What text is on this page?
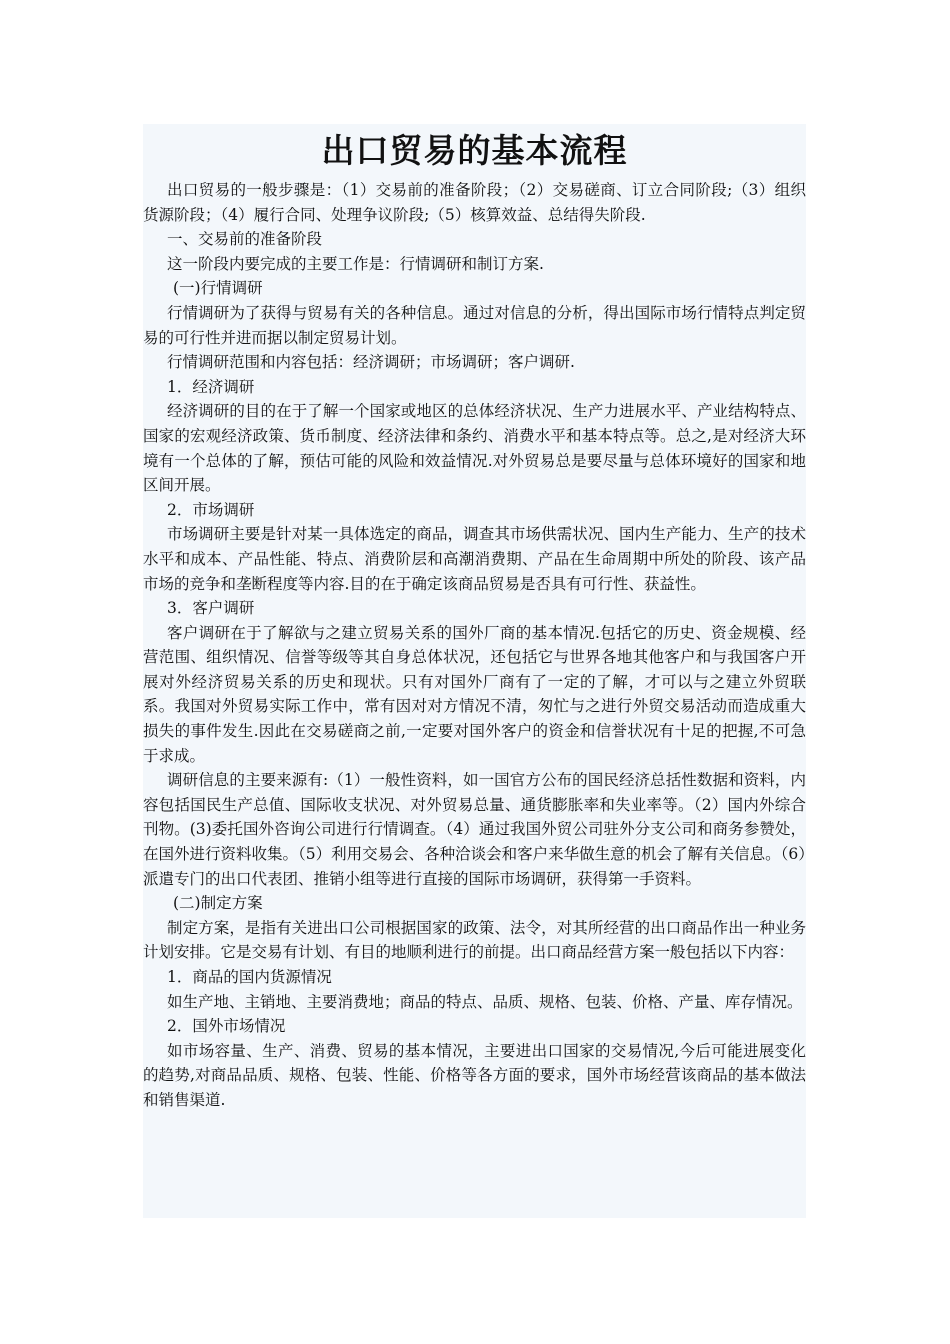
出口贸易的基本流程

出口贸易的一般步骤是：（1）交易前的准备阶段；（2）交易磋商、订立合同阶段;（3）组织货源阶段；（4）履行合同、处理争议阶段;（5）核算效益、总结得失阶段.

一、交易前的准备阶段

这一阶段内要完成的主要工作是：行情调研和制订方案.

(一)行情调研

行情调研为了获得与贸易有关的各种信息。通过对信息的分析，得出国际市场行情特点判定贸易的可行性并进而据以制定贸易计划。

行情调研范围和内容包括：经济调研；市场调研；客户调研.

1．经济调研

经济调研的目的在于了解一个国家或地区的总体经济状况、生产力进展水平、产业结构特点、国家的宏观经济政策、货币制度、经济法律和条约、消费水平和基本特点等。总之,是对经济大环境有一个总体的了解，预估可能的风险和效益情况.对外贸易总是要尽量与总体环境好的国家和地区间开展。

2．市场调研

市场调研主要是针对某一具体选定的商品，调查其市场供需状况、国内生产能力、生产的技术水平和成本、产品性能、特点、消费阶层和高潮消费期、产品在生命周期中所处的阶段、该产品市场的竞争和垄断程度等内容.目的在于确定该商品贸易是否具有可行性、获益性。

3．客户调研

客户调研在于了解欲与之建立贸易关系的国外厂商的基本情况.包括它的历史、资金规模、经营范围、组织情况、信誉等级等其自身总体状况，还包括它与世界各地其他客户和与我国客户开展对外经济贸易关系的历史和现状。只有对国外厂商有了一定的了解，才可以与之建立外贸联系。我国对外贸易实际工作中，常有因对对方情况不清，匆忙与之进行外贸交易活动而造成重大损失的事件发生.因此在交易磋商之前,一定要对国外客户的资金和信誉状况有十足的把握,不可急于求成。

调研信息的主要来源有:（1）一般性资料，如一国官方公布的国民经济总括性数据和资料，内容包括国民生产总值、国际收支状况、对外贸易总量、通货膨胀率和失业率等。（2）国内外综合刊物。(3)委托国外咨询公司进行行情调查。（4）通过我国外贸公司驻外分支公司和商务参赞处，在国外进行资料收集。（5）利用交易会、各种洽谈会和客户来华做生意的机会了解有关信息。（6）派遣专门的出口代表团、推销小组等进行直接的国际市场调研，获得第一手资料。

(二)制定方案

制定方案，是指有关进出口公司根据国家的政策、法令，对其所经营的出口商品作出一种业务计划安排。它是交易有计划、有目的地顺利进行的前提。出口商品经营方案一般包括以下内容：

1．商品的国内货源情况

如生产地、主销地、主要消费地；商品的特点、品质、规格、包装、价格、产量、库存情况。

2．国外市场情况

如市场容量、生产、消费、贸易的基本情况，主要进出口国家的交易情况,今后可能进展变化的趋势,对商品品质、规格、包装、性能、价格等各方面的要求，国外市场经营该商品的基本做法和销售渠道.
